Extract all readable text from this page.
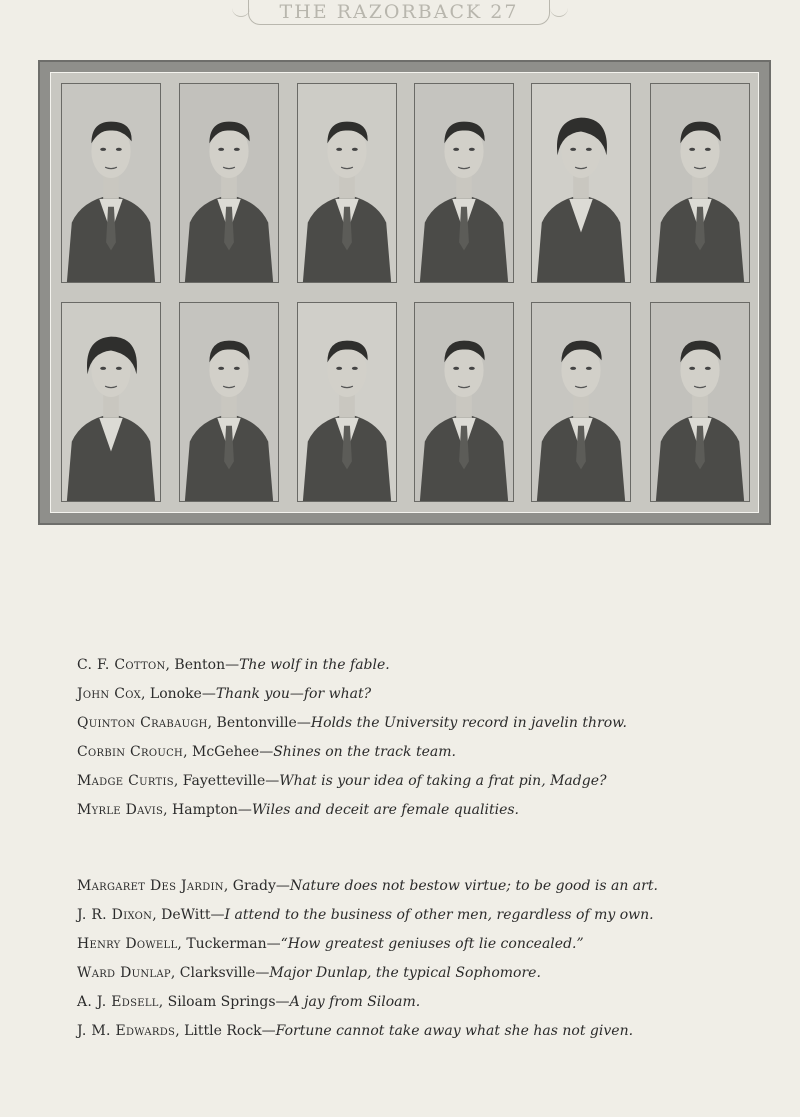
THE RAZORBACK 27
C. F. Cotton, Benton—The wolf in the fable.
John Cox, Lonoke—Thank you—for what?
Quinton Crabaugh, Bentonville—Holds the University record in javelin throw.
Corbin Crouch, McGehee—Shines on the track team.
Madge Curtis, Fayetteville—What is your idea of taking a frat pin, Madge?
Myrle Davis, Hampton—Wiles and deceit are female qualities.
Margaret Des Jardin, Grady—Nature does not bestow virtue; to be good is an art.
J. R. Dixon, DeWitt—I attend to the business of other men, regardless of my own.
Henry Dowell, Tuckerman—“How greatest geniuses oft lie concealed.”
Ward Dunlap, Clarksville—Major Dunlap, the typical Sophomore.
A. J. Edsell, Siloam Springs—A jay from Siloam.
J. M. Edwards, Little Rock—Fortune cannot take away what she has not given.
